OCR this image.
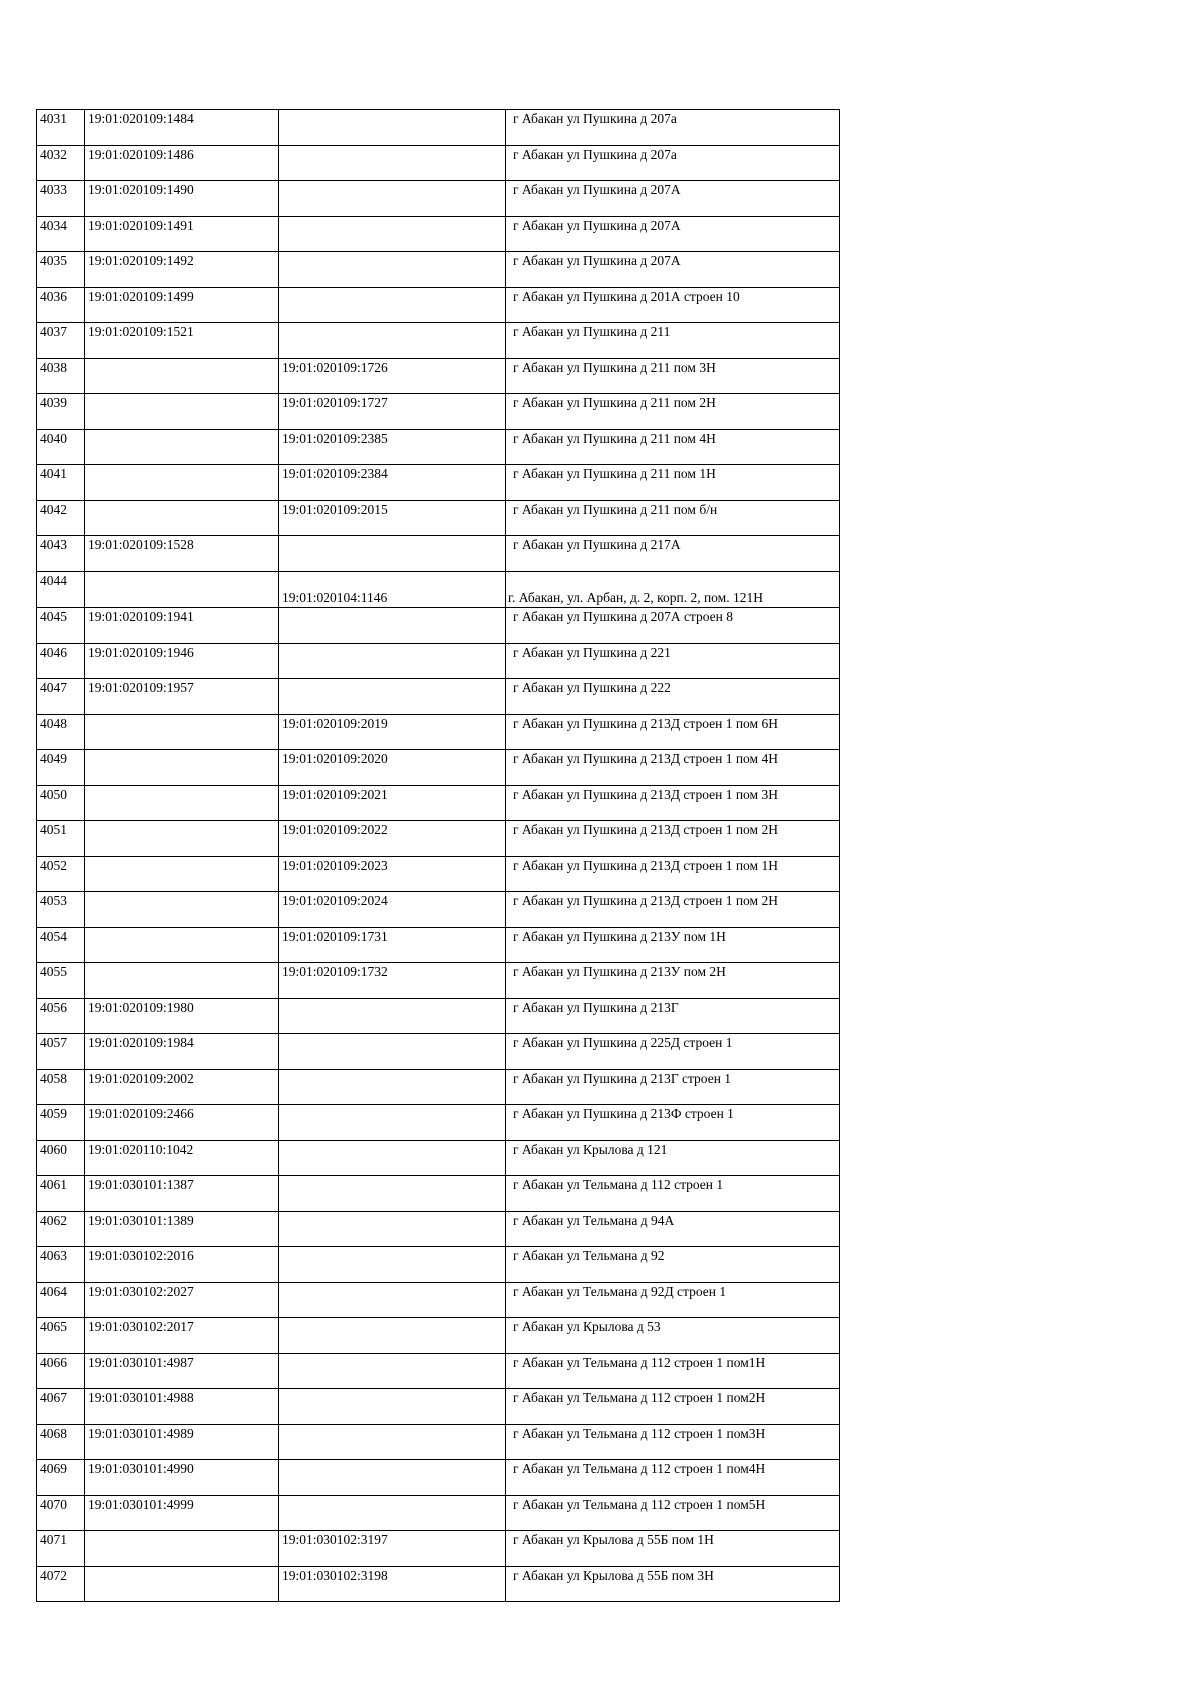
4031	19:01:020109:1484		г Абакан ул Пушкина д 207а
4032	19:01:020109:1486		г Абакан ул Пушкина д 207а
4033	19:01:020109:1490		г Абакан ул Пушкина д 207А
4034	19:01:020109:1491		г Абакан ул Пушкина д 207А
4035	19:01:020109:1492		г Абакан ул Пушкина д 207А
4036	19:01:020109:1499		г Абакан ул Пушкина д 201А строен 10
4037	19:01:020109:1521		г Абакан ул Пушкина д 211
4038		19:01:020109:1726	г Абакан ул Пушкина д 211 пом 3Н
4039		19:01:020109:1727	г Абакан ул Пушкина д 211 пом 2Н
4040		19:01:020109:2385	г Абакан ул Пушкина д 211 пом 4Н
4041		19:01:020109:2384	г Абакан ул Пушкина д 211 пом 1Н
4042		19:01:020109:2015	г Абакан ул Пушкина д 211 пом б/н
4043	19:01:020109:1528		г Абакан ул Пушкина д 217А
4044		19:01:020104:1146	г. Абакан, ул. Арбан, д. 2, корп. 2, пом. 121Н
4045	19:01:020109:1941		г Абакан ул Пушкина д 207А строен 8
4046	19:01:020109:1946		г Абакан ул Пушкина д 221
4047	19:01:020109:1957		г Абакан ул Пушкина д 222
4048		19:01:020109:2019	г Абакан ул Пушкина д 213Д строен 1 пом 6Н
4049		19:01:020109:2020	г Абакан ул Пушкина д 213Д строен 1 пом 4Н
4050		19:01:020109:2021	г Абакан ул Пушкина д 213Д строен 1 пом 3Н
4051		19:01:020109:2022	г Абакан ул Пушкина д 213Д строен 1 пом 2Н
4052		19:01:020109:2023	г Абакан ул Пушкина д 213Д строен 1 пом 1Н
4053		19:01:020109:2024	г Абакан ул Пушкина д 213Д строен 1 пом 2Н
4054		19:01:020109:1731	г Абакан ул Пушкина д 213У пом 1Н
4055		19:01:020109:1732	г Абакан ул Пушкина д 213У пом 2Н
4056	19:01:020109:1980		г Абакан ул Пушкина д 213Г
4057	19:01:020109:1984		г Абакан ул Пушкина д 225Д строен 1
4058	19:01:020109:2002		г Абакан ул Пушкина д 213Г строен 1
4059	19:01:020109:2466		г Абакан ул Пушкина д 213Ф строен 1
4060	19:01:020110:1042		г Абакан ул Крылова д 121
4061	19:01:030101:1387		г Абакан ул Тельмана д 112 строен 1
4062	19:01:030101:1389		г Абакан ул Тельмана д 94А
4063	19:01:030102:2016		г Абакан ул Тельмана д 92
4064	19:01:030102:2027		г Абакан ул Тельмана д 92Д строен 1
4065	19:01:030102:2017		г Абакан ул Крылова д 53
4066	19:01:030101:4987		г Абакан ул Тельмана д 112 строен 1 пом1Н
4067	19:01:030101:4988		г Абакан ул Тельмана д 112 строен 1 пом2Н
4068	19:01:030101:4989		г Абакан ул Тельмана д 112 строен 1 пом3Н
4069	19:01:030101:4990		г Абакан ул Тельмана д 112 строен 1 пом4Н
4070	19:01:030101:4999		г Абакан ул Тельмана д 112 строен 1 пом5Н
4071		19:01:030102:3197	г Абакан ул Крылова д 55Б пом 1Н
4072		19:01:030102:3198	г Абакан ул Крылова д 55Б пом 3Н
